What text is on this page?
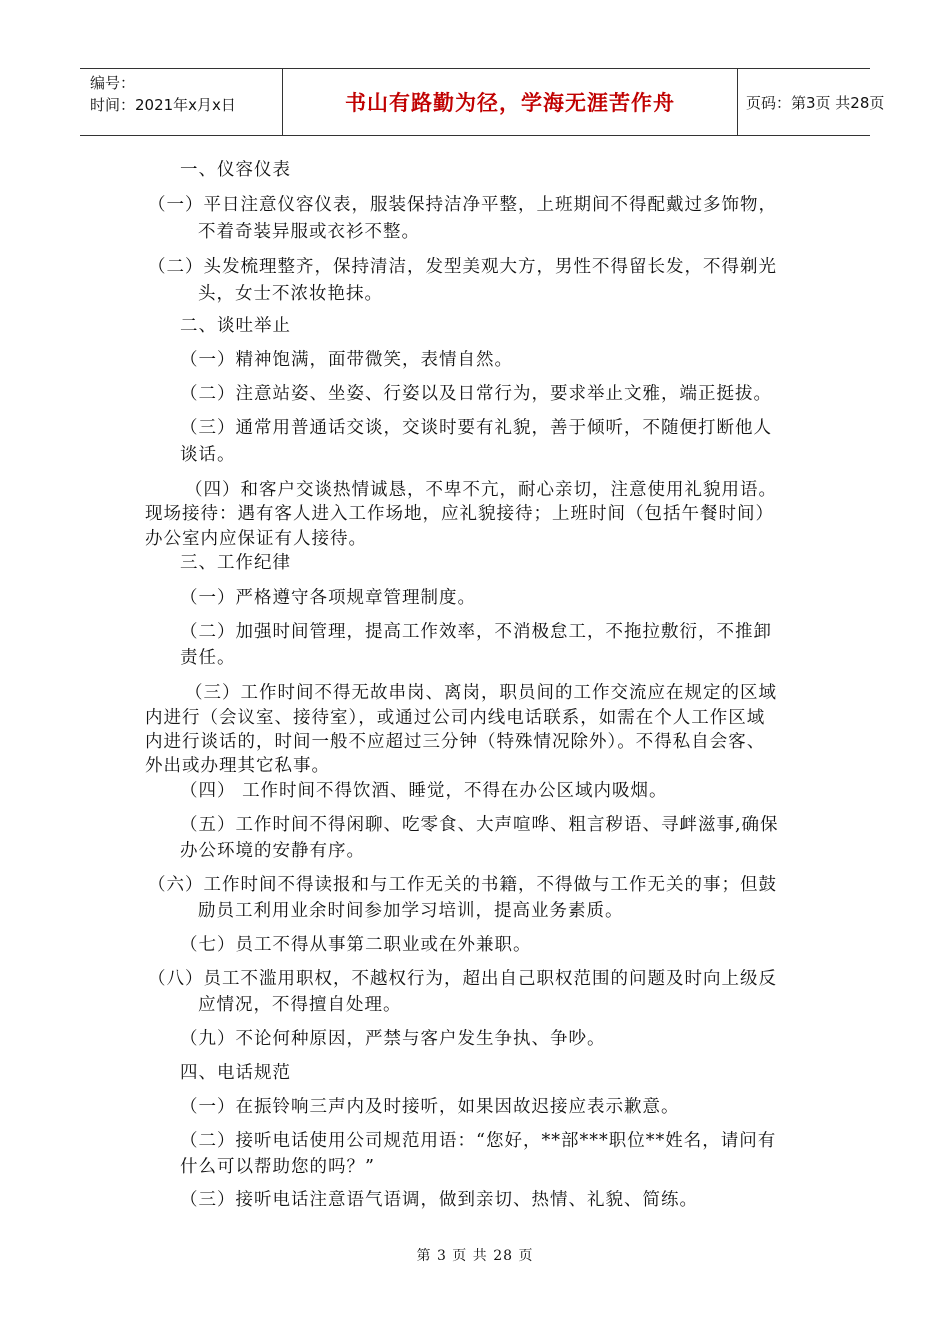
编号：
时间：2021年x月x日	书山有路勤为径，学海无涯苦作舟	页码：第3页 共28页
一、仪容仪表
（一）平日注意仪容仪表，服装保持洁净平整，上班期间不得配戴过多饰物，
不着奇装异服或衣衫不整。
（二）头发梳理整齐，保持清洁，发型美观大方，男性不得留长发，不得剃光
头，女士不浓妆艳抹。
二、谈吐举止
（一）精神饱满，面带微笑，表情自然。
（二）注意站姿、坐姿、行姿以及日常行为，要求举止文雅，端正挺拔。
（三）通常用普通话交谈，交谈时要有礼貌，善于倾听，不随便打断他人
谈话。
（四）和客户交谈热情诚恳，不卑不亢，耐心亲切，注意使用礼貌用语。
现场接待：遇有客人进入工作场地，应礼貌接待；上班时间（包括午餐时间）
办公室内应保证有人接待。
三、工作纪律
（一）严格遵守各项规章管理制度。
（二）加强时间管理，提高工作效率，不消极怠工，不拖拉敷衍，不推卸
责任。
（三）工作时间不得无故串岗、离岗，职员间的工作交流应在规定的区域
内进行（会议室、接待室），或通过公司内线电话联系，如需在个人工作区域
内进行谈话的，时间一般不应超过三分钟（特殊情况除外）。不得私自会客、
外出或办理其它私事。
（四） 工作时间不得饮酒、睡觉，不得在办公区域内吸烟。
（五）工作时间不得闲聊、吃零食、大声喧哗、粗言秽语、寻衅滋事,确保
办公环境的安静有序。
（六）工作时间不得读报和与工作无关的书籍，不得做与工作无关的事；但鼓
励员工利用业余时间参加学习培训，提高业务素质。
（七）员工不得从事第二职业或在外兼职。
（八）员工不滥用职权，不越权行为，超出自己职权范围的问题及时向上级反
应情况，不得擅自处理。
（九）不论何种原因，严禁与客户发生争执、争吵。
四、电话规范
（一）在振铃响三声内及时接听，如果因故迟接应表示歉意。
（二）接听电话使用公司规范用语：“您好，**部***职位**姓名，请问有
什么可以帮助您的吗？”
（三）接听电话注意语气语调，做到亲切、热情、礼貌、简练。
第 3 页 共 28 页
